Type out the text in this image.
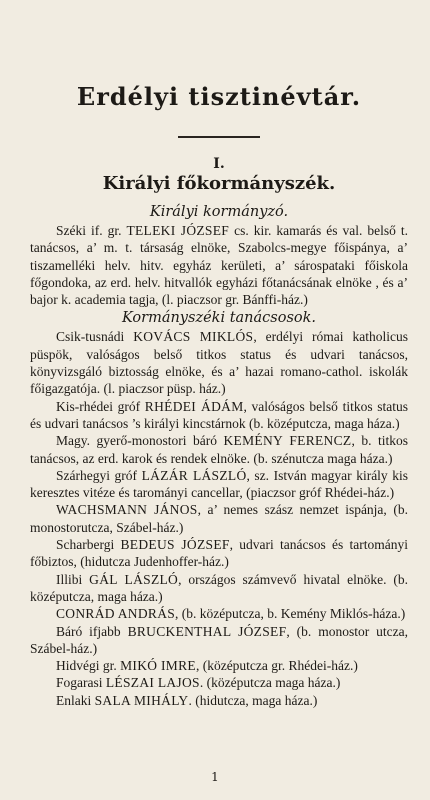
Erdélyi tisztinévtár.
I.
Királyi főkormányszék.
Királyi kormányzó.

Széki if. gr. TELEKI JÓZSEF cs. kir. kamarás és val. belső t. tanácsos, a’ m. t. társaság elnöke, Szabolcs-megye főispánya, a’ tiszamelléki helv. hitv. egyház kerületi, a’ sárospataki főiskola főgondoka, az erd. helv. hitvallók egyházi főtanácsának elnöke , és a’ bajor k. academia tagja, (l. piaczsor gr. Bánffi-ház.)

Kormányszéki tanácsosok.

Csik-tusnádi KOVÁCS MIKLÓS, erdélyi római katholicus püspök, valóságos belső titkos status és udvari tanácsos, könyvizsgáló biztosság elnöke, és a’ hazai romano-cathol. iskolák főigazgatója. (l. piaczsor püsp. ház.)

Kis-rhédei gróf RHÉDEI ÁDÁM, valóságos belső titkos status és udvari tanácsos ’s királyi kincstárnok (b. középutcza, maga háza.)

Magy. gyerő-monostori báró KEMÉNY FERENCZ, b. titkos tanácsos, az erd. karok és rendek elnöke. (b. szénutcza maga háza.)

Szárhegyi gróf LÁZÁR LÁSZLÓ, sz. István magyar király kis keresztes vitéze és tarományi cancellar, (piaczsor gróf Rhédei-ház.)

WACHSMANN JÁNOS, a’ nemes szász nemzet ispánja, (b. monostorutcza, Szábel-ház.)

Scharbergi BEDEUS JÓZSEF, udvari tanácsos és tartományi főbiztos, (hidutcza Judenhoffer-ház.)

Illibi GÁL LÁSZLÓ, országos számvevő hivatal elnöke. (b. középutcza, maga háza.)

CONRÁD ANDRÁS, (b. középutcza, b. Kemény Miklós-háza.)

Báró ifjabb BRUCKENTHAL JÓZSEF, (b. monostor utcza, Szábel-ház.)

Hidvégi gr. MIKÓ IMRE, (középutcza gr. Rhédei-ház.)

Fogarasi LÉSZAI LAJOS. (középutcza maga háza.)

Enlaki SALA MIHÁLY. (hidutcza, maga háza.)

1
